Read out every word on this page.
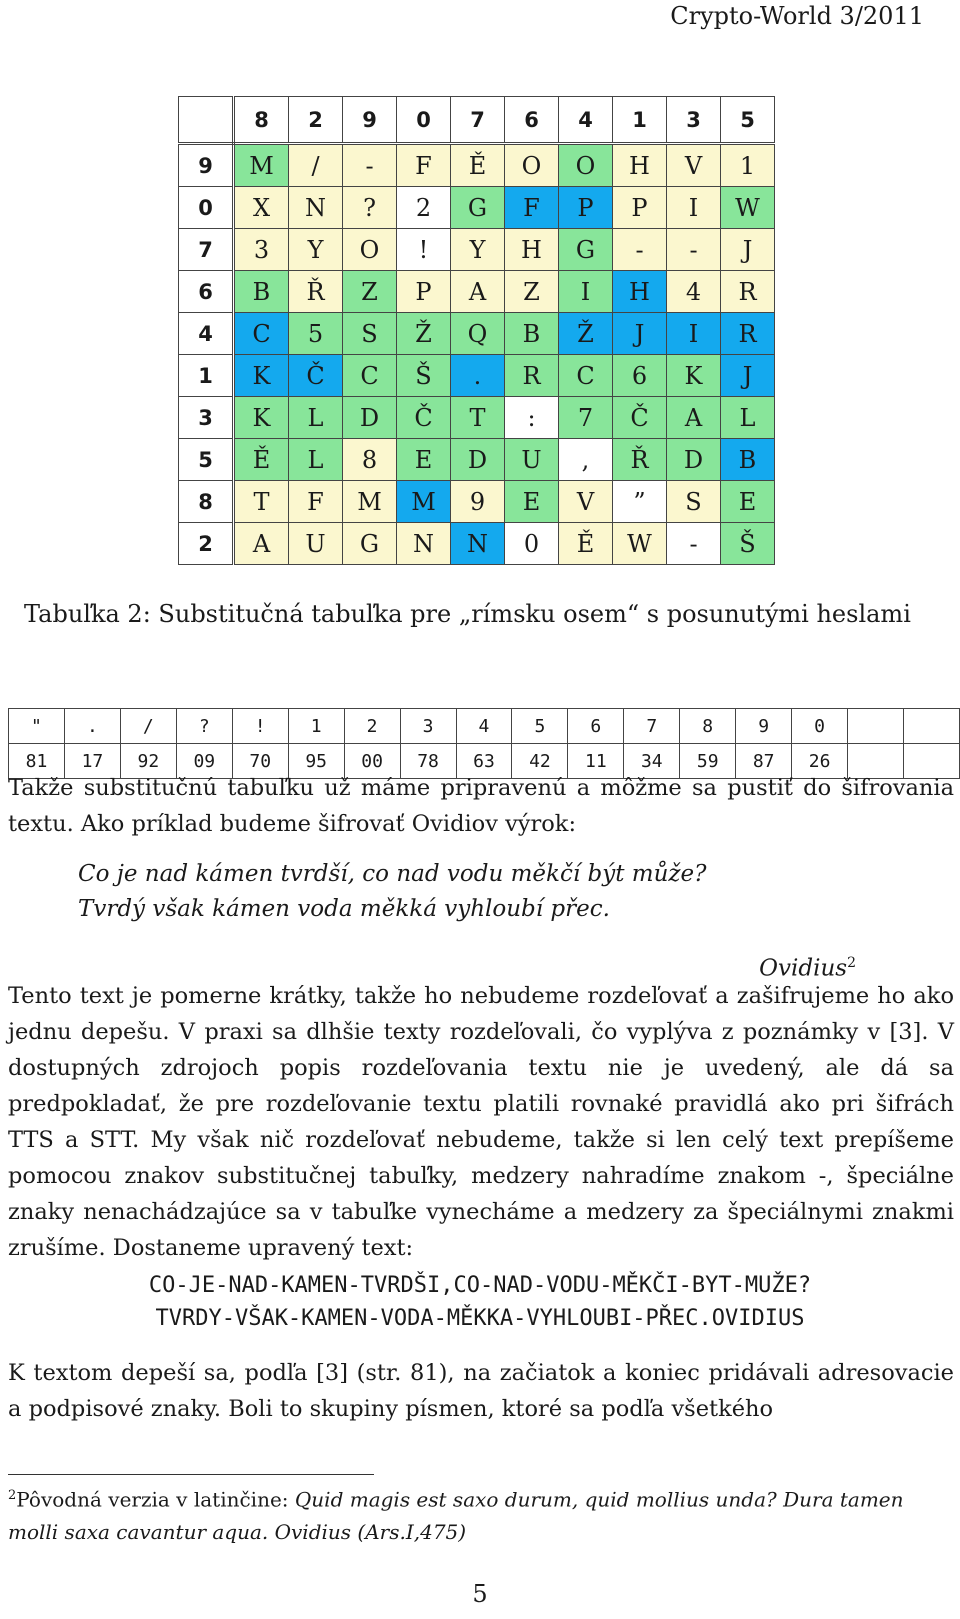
Crypto-World 3/2011
	8	2	9	0	7	6	4	1	3	5
9	M	/	-	F	Ě	O	O	H	V	1
0	X	N	?	2	G	F	P	P	I	W
7	3	Y	O	!	Y	H	G	-	-	J
6	B	Ř	Z	P	A	Z	I	H	4	R
4	C	5	S	Ž	Q	B	Ž	J	I	R
1	K	Č	C	Š	.	R	C	6	K	J
3	K	L	D	Č	T	:	7	Č	A	L
5	Ě	L	8	E	D	U	,	Ř	D	B
8	T	F	M	M	9	E	V	”	S	E
2	A	U	G	N	N	0	Ě	W	-	Š
Tabuľka 2: Substitučná tabuľka pre „rímsku osem“ s posunutými heslami
"	.	/	?	!	1	2	3	4	5	6	7	8	9	0		
81	17	92	09	70	95	00	78	63	42	11	34	59	87	26		
Takže substitučnú tabuľku už máme pripravenú a môžme sa pustiť do šifrovania textu. Ako príklad budeme šifrovať Ovidiov výrok:
Co je nad kámen tvrdší, co nad vodu měkčí být může?
Tvrdý však kámen voda měkká vyhloubí přec.
Ovidius$^2$
Tento text je pomerne krátky, takže ho nebudeme rozdeľovať a zašifrujeme ho ako jednu depešu. V praxi sa dlhšie texty rozdeľovali, čo vyplýva z poznámky v [3]. V dostupných zdrojoch popis rozdeľovania textu nie je uvedený, ale dá sa predpokladať, že pre rozdeľovanie textu platili rovnaké pravidlá ako pri šifrách TTS a STT. My však nič rozdeľovať nebudeme, takže si len celý text prepíšeme pomocou znakov substitučnej tabuľky, medzery nahradíme znakom -, špeciálne znaky nenachádzajúce sa v tabuľke vynecháme a medzery za špeciálnymi znakmi zrušíme. Dostaneme upravený text:
CO-JE-NAD-KAMEN-TVRDŠI,CO-NAD-VODU-MĚKČI-BYT-MUŽE?
TVRDY-VŠAK-KAMEN-VODA-MĚKKA-VYHLOUBI-PŘEC.OVIDIUS
K textom depeší sa, podľa [3] (str. 81), na začiatok a koniec pridávali adresovacie a podpisové znaky. Boli to skupiny písmen, ktoré sa podľa všetkého
$^2$Pôvodná verzia v latinčine: Quid magis est saxo durum, quid mollius unda? Dura tamen molli saxa cavantur aqua. Ovidius (Ars.I,475)
5
